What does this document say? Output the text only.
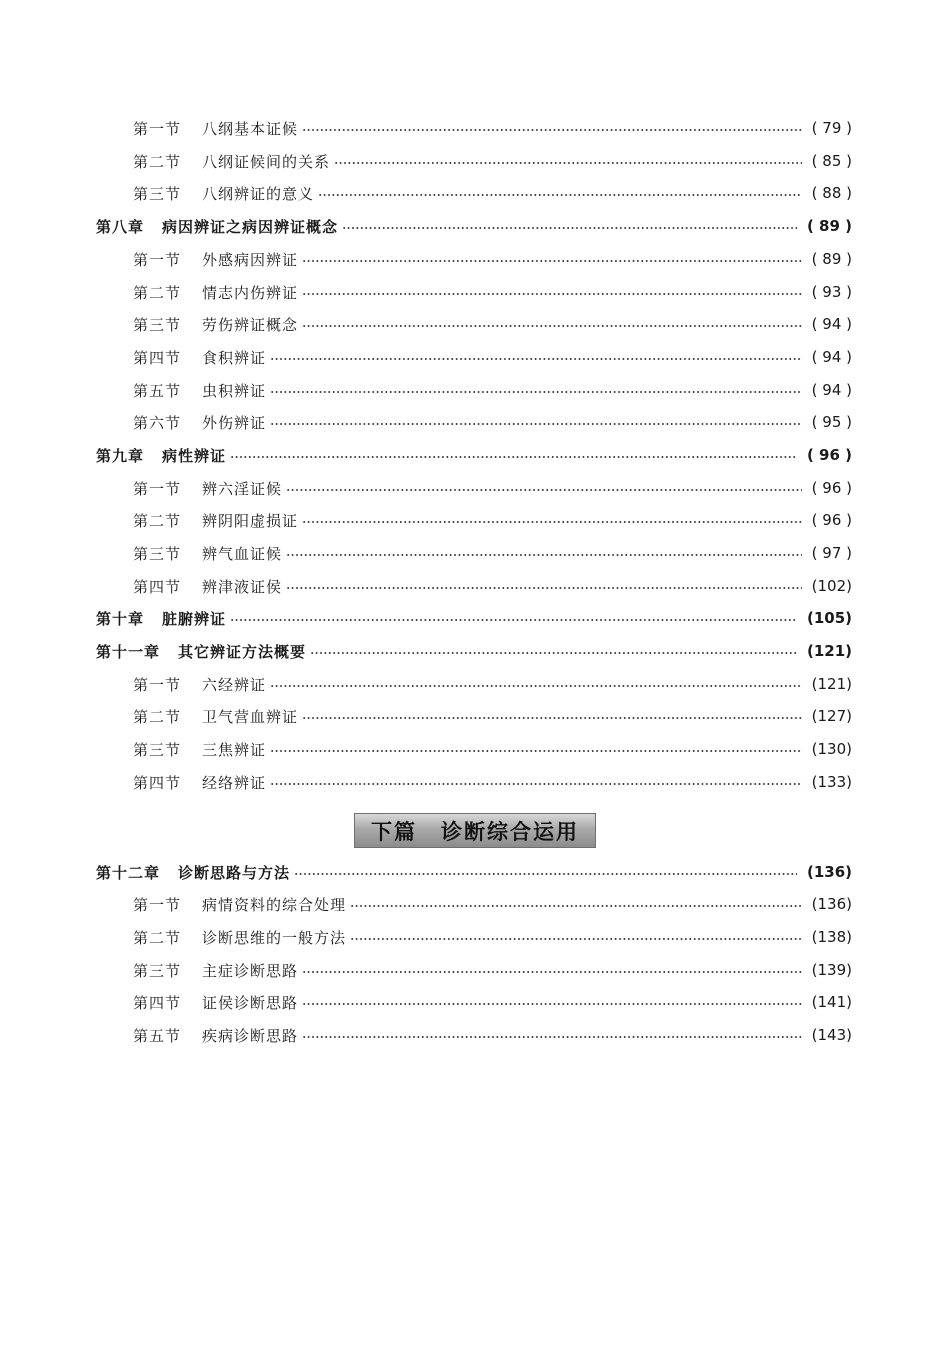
第一节	八纲基本证候	( 79 )
第二节	八纲证候间的关系	( 85 )
第三节	八纲辨证的意义	( 88 )
第八章 病因辨证之病因辨证概念	( 89 )
第一节	外感病因辨证	( 89 )
第二节	情志内伤辨证	( 93 )
第三节	劳伤辨证概念	( 94 )
第四节	食积辨证	( 94 )
第五节	虫积辨证	( 94 )
第六节	外伤辨证	( 95 )
第九章 病性辨证	( 96 )
第一节	辨六淫证候	( 96 )
第二节	辨阴阳虚损证	( 96 )
第三节	辨气血证候	( 97 )
第四节	辨津液证侯	(102)
第十章 脏腑辨证	(105)
第十一章 其它辨证方法概要	(121)
第一节	六经辨证	(121)
第二节	卫气营血辨证	(127)
第三节	三焦辨证	(130)
第四节	经络辨证	(133)
下篇 诊断综合运用
第十二章 诊断思路与方法	(136)
第一节	病情资料的综合处理	(136)
第二节	诊断思维的一般方法	(138)
第三节	主症诊断思路	(139)
第四节	证侯诊断思路	(141)
第五节	疾病诊断思路	(143)
